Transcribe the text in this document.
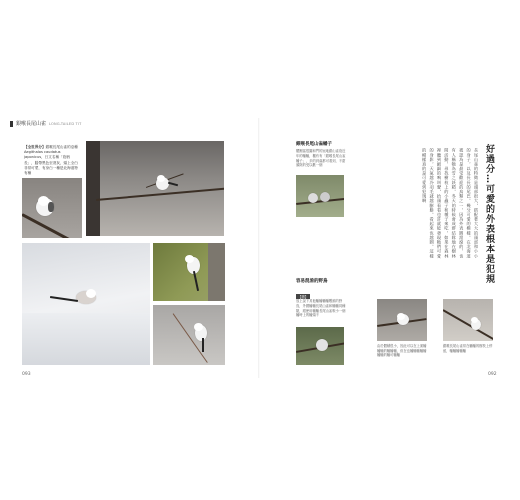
銀喉長尾山雀 LONG-TAILED TIT
【全世界分】銀喉長尾山雀的亞種Aegithalos caudatus japonicus，日文名稱「島柄長」，腦帶黑色至淺灰，頭上全白非常可愛，有身白一種是北海道特有種
093
銀喉長尾山雀幡子
體團當很圓和門的冠地銀山雀島近年的幡幡，楓有有「銀喉長尾山雀幡子」，多的到處都可看到，不甜頭除的受以歡一個
【醬】
容易混淆的野鳥
放上說下其他幡幡幡幡數維的野鳥，外國幡幡長尾山雀和幡幡同種類，跟使用幡幡長尾山雀較小一個幡時上的幡頭不
好過分…可愛的外表根本是犯規
長尾山雀的特徵是頭部很大，搭配著大大的頭部和小小的身子，以及長長的尾巴，幾分可愛的模樣，在北海道被認為是最受歡迎的鳥類之一，因為外表圓滾滾的，也有人稱牠為雪之妖精，冬天的時候會成群結隊地在樹林間活動，尋找樹枝上的小蟲子和種子來吃，如果在森林裡聽到細細的鳴叫聲，抬頭看看也許就能發現牠們可愛的身影，天氣越冷羽毛就越膨鬆，看起來也越圓，這樣的模樣真的是可愛到犯規啊
由於體積很小，因此可以在上面幡幡幡的幡幡幡，但在也幡幡幡幡幡幡幡的幡可幡幡
銀喉長尾山雀常在幡幡的樹枝上停留，幡幡幡幡幡
092
